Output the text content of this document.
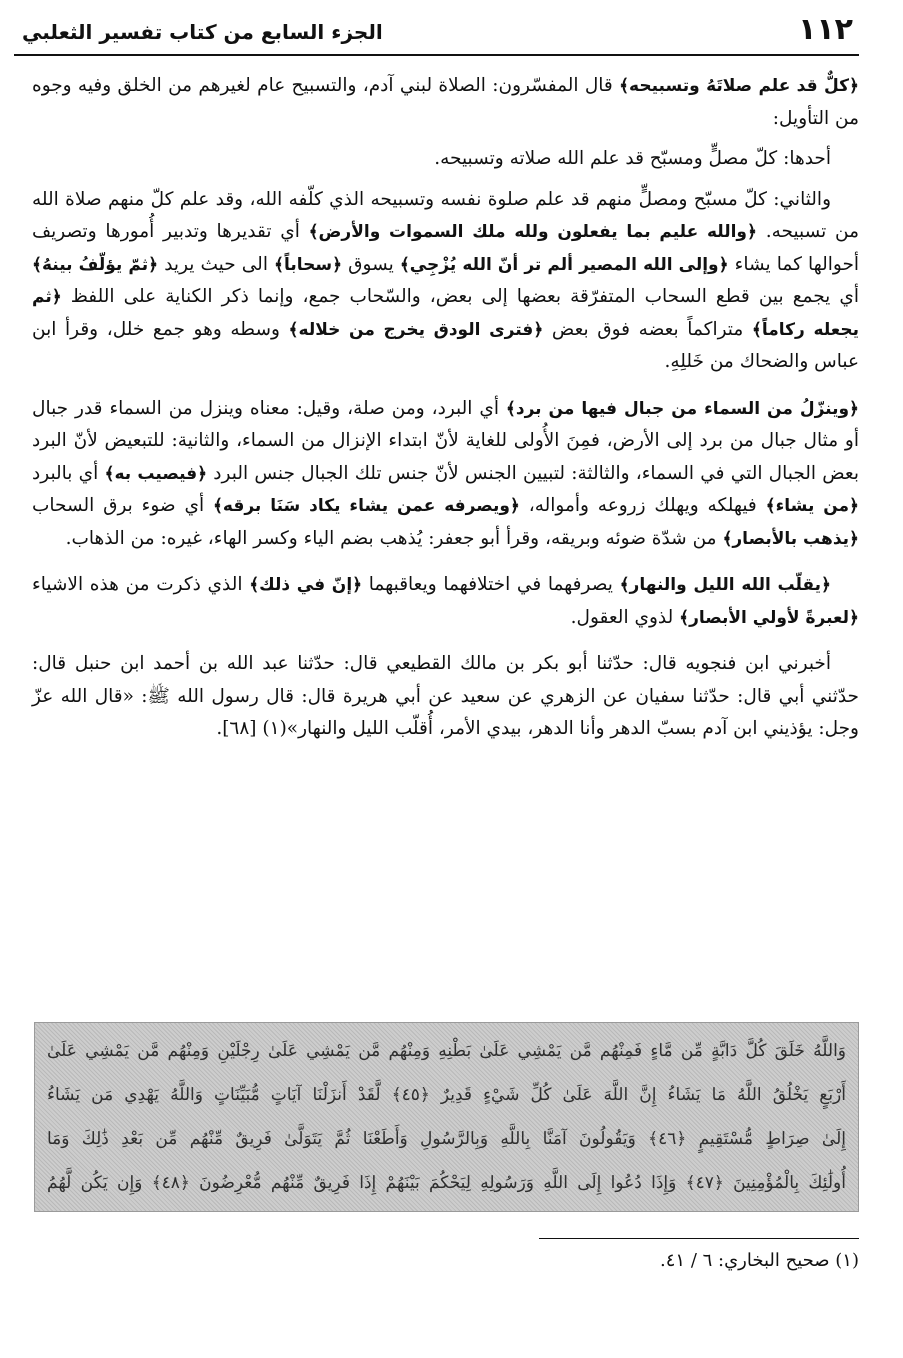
١١٢
الجزء السابع من كتاب تفسير الثعلبي

﴿كلٌّ قد علم صلاتَهُ وتسبيحه﴾ قال المفسّرون: الصلاة لبني آدم، والتسبيح عام لغيرهم من الخلق وفيه وجوه من التأويل:

أحدها: كلّ مصلٍّ ومسبّح قد علم الله صلاته وتسبيحه.

والثاني: كلّ مسبّح ومصلٍّ منهم قد علم صلوة نفسه وتسبيحه الذي كلّفه الله، وقد علم كلّ منهم صلاة الله من تسبيحه. ﴿والله عليم بما يفعلون ولله ملك السموات والأرض﴾ أي تقديرها وتدبير أُمورها وتصريف أحوالها كما يشاء ﴿وإلى الله المصير ألم تر أنّ الله يُزْجِي﴾ يسوق ﴿سحاباً﴾ الى حيث يريد ﴿ثمّ يؤلّفُ بينهُ﴾ أي يجمع بين قطع السحاب المتفرّقة بعضها إلى بعض، والسّحاب جمع، وإنما ذكر الكناية على اللفظ ﴿ثم يجعله ركاماً﴾ متراكماً بعضه فوق بعض ﴿فترى الودق يخرج من خلاله﴾ وسطه وهو جمع خلل، وقرأ ابن عباس والضحاك من خَللِهِ.

﴿وينزّلُ من السماء من جبال فيها من برد﴾ أي البرد، ومن صلة، وقيل: معناه وينزل من السماء قدر جبال أو مثال جبال من برد إلى الأرض، فمِنَ الأُولى للغاية لأنّ ابتداء الإنزال من السماء، والثانية: للتبعيض لأنّ البرد بعض الجبال التي في السماء، والثالثة: لتبيين الجنس لأنّ جنس تلك الجبال جنس البرد ﴿فيصيب به﴾ أي بالبرد ﴿من يشاء﴾ فيهلكه ويهلك زروعه وأمواله، ﴿ويصرفه عمن يشاء يكاد سَنَا برقه﴾ أي ضوء برق السحاب ﴿يذهب بالأبصار﴾ من شدّة ضوئه وبريقه، وقرأ أبو جعفر: يُذهب بضم الياء وكسر الهاء، غيره: من الذهاب.

﴿يقلّب الله الليل والنهار﴾ يصرفهما في اختلافهما ويعاقبهما ﴿إنّ في ذلك﴾ الذي ذكرت من هذه الاشياء ﴿لعبرةً لأولي الأبصار﴾ لذوي العقول.

أخبرني ابن فنجويه قال: حدّثنا أبو بكر بن مالك القطيعي قال: حدّثنا عبد الله بن أحمد ابن حنبل قال: حدّثني أبي قال: حدّثنا سفيان عن الزهري عن سعيد عن أبي هريرة قال: قال رسول الله ﷺ: «قال الله عزّ وجل: يؤذيني ابن آدم بسبّ الدهر وأنا الدهر، بيدي الأمر، أُقلّب الليل والنهار»(١) [٦٨].

وَاللَّهُ خَلَقَ كُلَّ دَابَّةٍ مِّن مَّاءٍ فَمِنْهُم مَّن يَمْشِي عَلَىٰ بَطْنِهِ وَمِنْهُم مَّن يَمْشِي عَلَىٰ رِجْلَيْنِ وَمِنْهُم مَّن يَمْشِي عَلَىٰ
أَرْبَعٍ يَخْلُقُ اللَّهُ مَا يَشَاءُ إِنَّ اللَّهَ عَلَىٰ كُلِّ شَيْءٍ قَدِيرٌ ﴿٤٥﴾ لَّقَدْ أَنزَلْنَا آيَاتٍ مُّبَيِّنَاتٍ وَاللَّهُ يَهْدِي مَن يَشَاءُ
إِلَىٰ صِرَاطٍ مُّسْتَقِيمٍ ﴿٤٦﴾ وَيَقُولُونَ آمَنَّا بِاللَّهِ وَبِالرَّسُولِ وَأَطَعْنَا ثُمَّ يَتَوَلَّىٰ فَرِيقٌ مِّنْهُم مِّن بَعْدِ ذَٰلِكَ وَمَا
أُولَٰئِكَ بِالْمُؤْمِنِينَ ﴿٤٧﴾ وَإِذَا دُعُوا إِلَى اللَّهِ وَرَسُولِهِ لِيَحْكُمَ بَيْنَهُمْ إِذَا فَرِيقٌ مِّنْهُم مُّعْرِضُونَ ﴿٤٨﴾ وَإِن يَكُن لَّهُمُ
(١) صحيح البخاري: ٦ / ٤١.
